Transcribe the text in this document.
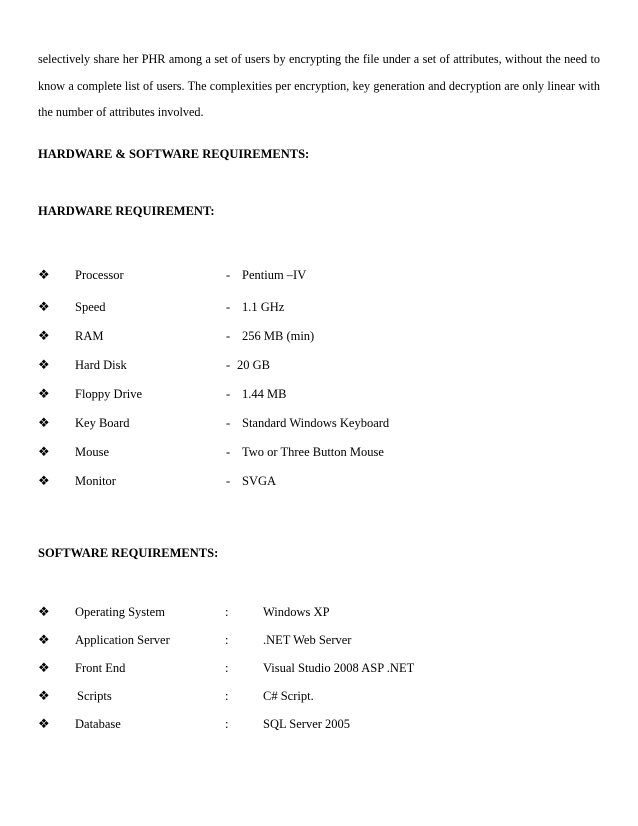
selectively share her PHR among a set of users by encrypting the file under a set of attributes, without the need to know a complete list of users. The complexities per encryption, key generation and decryption are only linear with the number of attributes involved.

HARDWARE & SOFTWARE REQUIREMENTS:
HARDWARE REQUIREMENT:
❖ Processor	- Pentium –IV
❖ Speed	- 1.1 GHz
❖ RAM	- 256 MB (min)
❖ Hard Disk	- 20 GB
❖ Floppy Drive	- 1.44 MB
❖ Key Board	- Standard Windows Keyboard
❖ Mouse	- Two or Three Button Mouse
❖ Monitor	- SVGA
SOFTWARE REQUIREMENTS:
❖ Operating System	:	Windows XP
❖ Application Server	:	.NET Web Server
❖ Front End	:	Visual Studio 2008 ASP .NET
❖ Scripts	:	C# Script.
❖ Database	:	SQL Server 2005
